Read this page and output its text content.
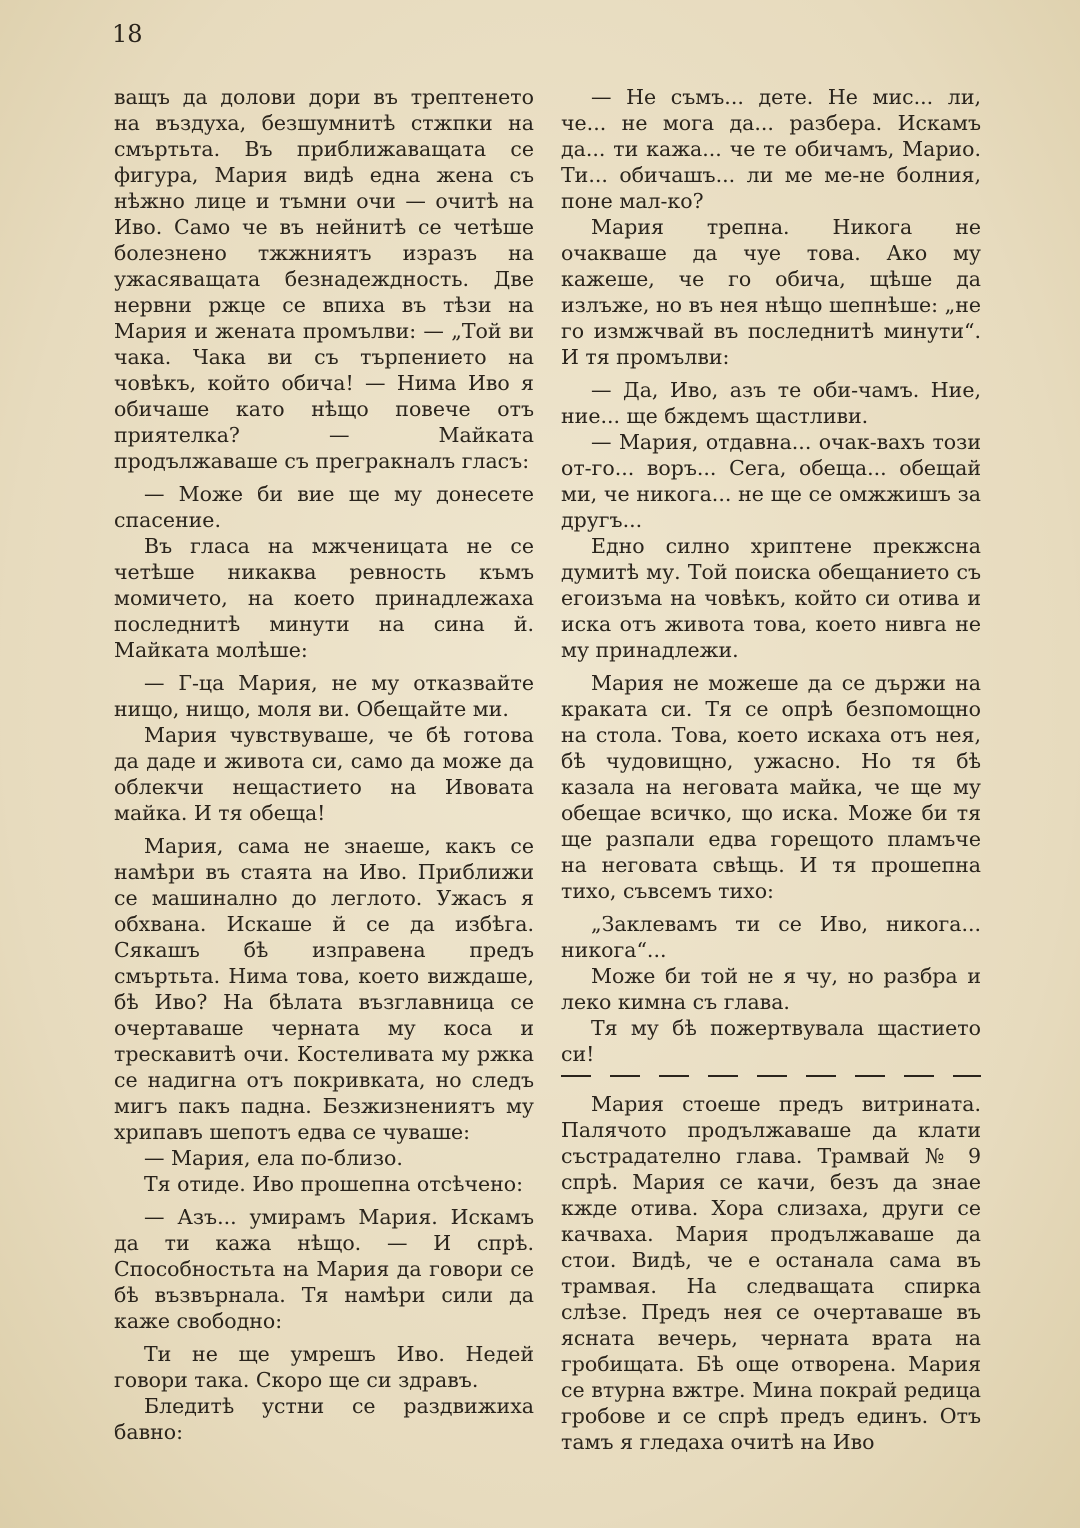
18

ващъ да долови дори въ трептенето на въздуха, безшумнитѣ стжпки на смъртьта. Въ приближаващата се фигура, Мария видѣ една жена съ нѣжно лице и тъмни очи — очитѣ на Иво. Само че въ нейнитѣ се четѣше болезнено тжжниятъ изразъ на ужасяващата безнадеждность. Две нервни ржце се впиха въ тѣзи на Мария и жената промълви: — „Той ви чака. Чака ви съ търпението на човѣкъ, който обича! — Нима Иво я обичаше като нѣщо повече отъ приятелка? — Майката продължаваше съ прегракналъ гласъ:

— Може би вие ще му донесете спасение.

Въ гласа на мжченицата не се четѣше никаква ревность къмъ момичето, на което принадлежаха последнитѣ минути на сина й. Майката молѣше:

— Г-ца Мария, не му отказвайте нищо, нищо, моля ви. Обещайте ми.

Мария чувствуваше, че бѣ готова да даде и живота си, само да може да облекчи нещастието на Ивовата майка. И тя обеща!

Мария, сама не знаеше, какъ се намѣри въ стаята на Иво. Приближи се машинално до леглото. Ужасъ я обхвана. Искаше й се да избѣга. Сякашъ бѣ изправена предъ смъртьта. Нима това, което виждаше, бѣ Иво? На бѣлата възглавница се очертаваше черната му коса и трескавитѣ очи. Костеливата му ржка се надигна отъ покривката, но следъ мигъ пакъ падна. Безжизнениятъ му хрипавъ шепотъ едва се чуваше:

— Мария, ела по-близо.

Тя отиде. Иво прошепна отсѣчено:

— Азъ... умирамъ Мария. Искамъ да ти кажа нѣщо. — И спрѣ. Способностьта на Мария да говори се бѣ възвърнала. Тя намѣри сили да каже свободно:

Ти не ще умрешъ Иво. Недей говори така. Скоро ще си здравъ.

Бледитѣ устни се раздвижиха бавно:

— Не съмъ... дете. Не мис... ли, че... не мога да... разбера. Искамъ да... ти кажа... че те обичамъ, Марио. Ти... обичашъ... ли ме ме-не болния, поне мал-ко?

Мария трепна. Никога не очакваше да чуе това. Ако му кажеше, че го обича, щѣше да излъже, но въ нея нѣщо шепнѣше: „не го измжчвай въ последнитѣ минути“. И тя промълви:

— Да, Иво, азъ те оби-чамъ. Ние, ние... ще бждемъ щастливи.

— Мария, отдавна... очак-вахъ този от-го... воръ... Сега, обеща... обещай ми, че никога... не ще се омжжишъ за другъ...

Едно силно хриптене прекжсна думитѣ му. Той поиска обещанието съ егоизъма на човѣкъ, който си отива и иска отъ живота това, което нивга не му принадлежи.

Мария не можеше да се държи на краката си. Тя се опрѣ безпомощно на стола. Това, което искаха отъ нея, бѣ чудовищно, ужасно. Но тя бѣ казала на неговата майка, че ще му обещае всичко, що иска. Може би тя ще разпали едва горещото пламъче на неговата свѣщь. И тя прошепна тихо, съвсемъ тихо:

„Заклевамъ ти се Иво, никога... никога“...

Може би той не я чу, но разбра и леко кимна съ глава.

Тя му бѣ пожертвувала щастието си!

Мария стоеше предъ витрината. Палячото продължаваше да клати състрадателно глава. Трамвай № 9 спрѣ. Мария се качи, безъ да знае кжде отива. Хора слизаха, други се качваха. Мария продължаваше да стои. Видѣ, че е останала сама въ трамвая. На следващата спирка слѣзе. Предъ нея се очертаваше въ ясната вечерь, черната врата на гробищата. Бѣ още отворена. Мария се втурна вжтре. Мина покрай редица гробове и се спрѣ предъ единъ. Отъ тамъ я гледаха очитѣ на Иво
